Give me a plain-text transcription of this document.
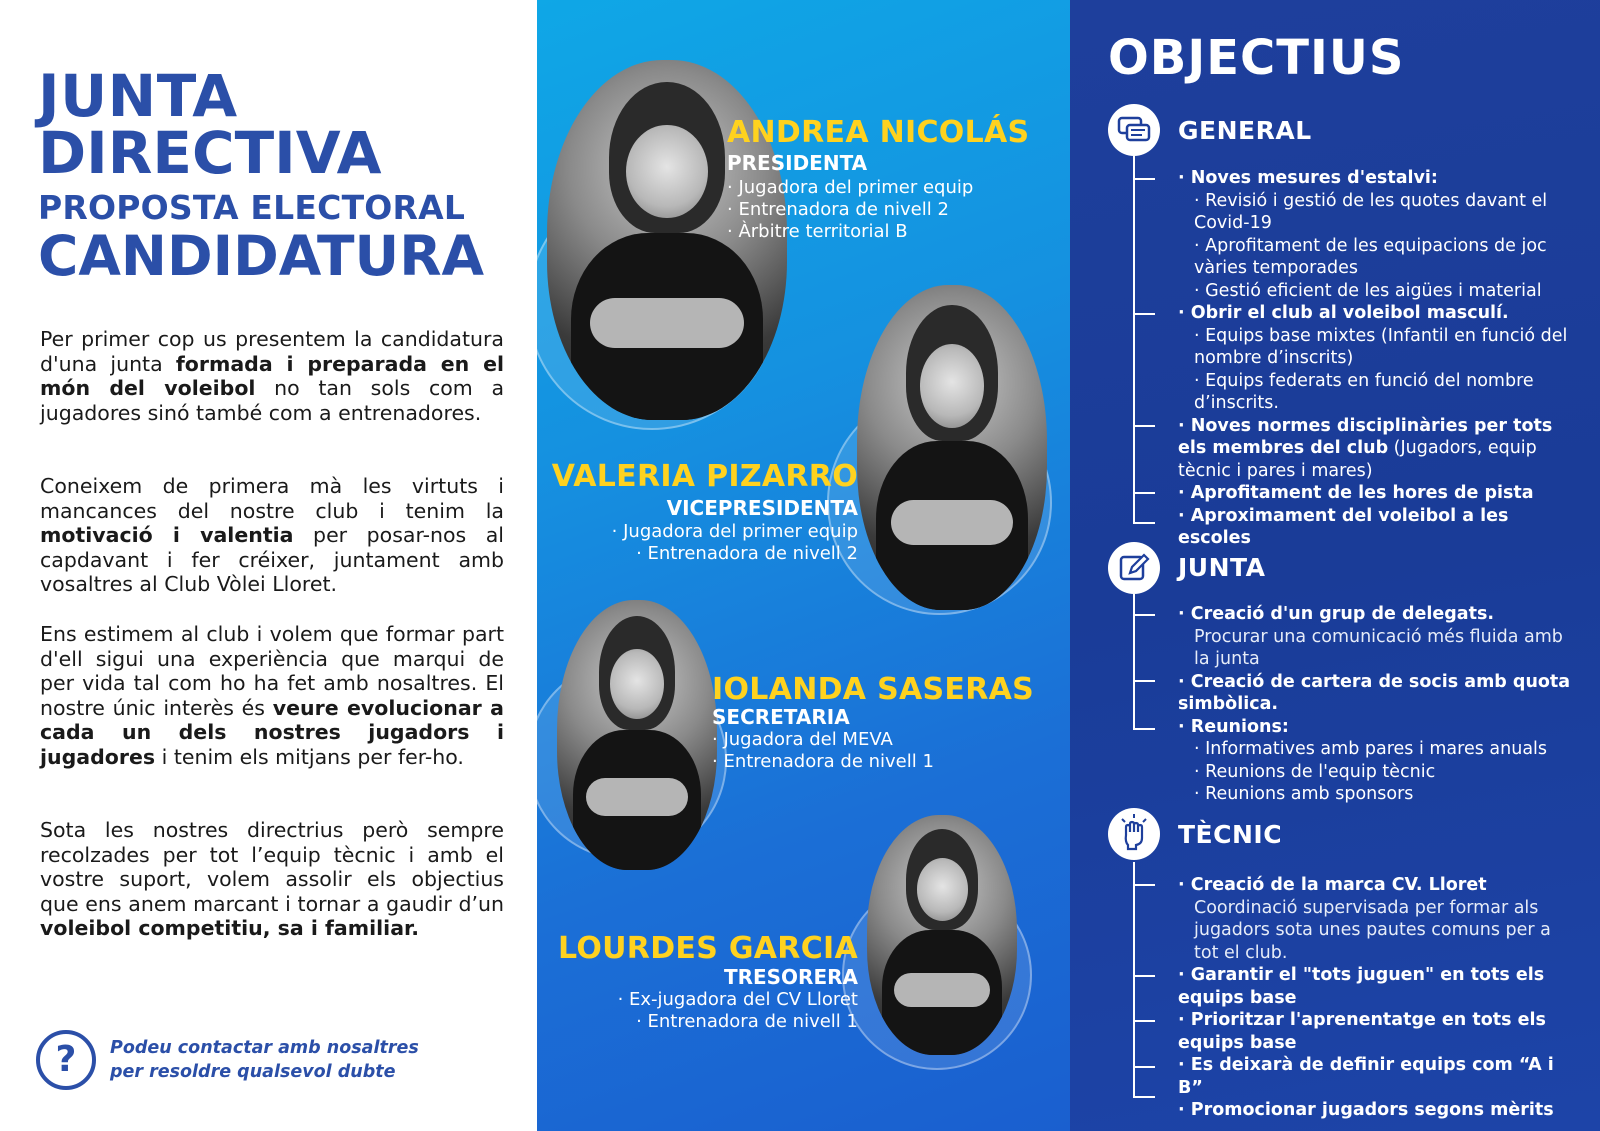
JUNTA
DIRECTIVA
PROPOSTA ELECTORAL
CANDIDATURA

Per primer cop us presentem la candidatura d'una junta formada i preparada en el món del voleibol no tan sols com a jugadores sinó també com a entrenadores.

Coneixem de primera mà les virtuts i mancances del nostre club i tenim la motivació i valentia per posar-nos al capdavant i fer créixer, juntament amb vosaltres al Club Vòlei Lloret.

Ens estimem al club i volem que formar part d'ell sigui una experiència que marqui de per vida tal com ho ha fet amb nosaltres. El nostre únic interès és veure evolucionar a cada un dels nostres jugadors i jugadores i tenim els mitjans per fer-ho.

Sota les nostres directrius però sempre recolzades per tot l’equip tècnic i amb el vostre suport, volem assolir els objectius que ens anem marcant i tornar a gaudir d’un voleibol competitiu, sa i familiar.

?	Podeu contactar amb nosaltres
per resoldre qualsevol dubte
ANDREA NICOLÁS
PRESIDENTA
· Jugadora del primer equip
· Entrenadora de nivell 2
· Àrbitre territorial B
VALERIA PIZARRO
VICEPRESIDENTA
· Jugadora del primer equip
· Entrenadora de nivell 2
IOLANDA SASERAS
SECRETARIA
· Jugadora del MEVA
· Entrenadora de nivell 1
LOURDES GARCIA
TRESORERA
· Ex-jugadora del CV Lloret
· Entrenadora de nivell 1
OBJECTIUS
GENERAL
· Noves mesures d'estalvi:
· Revisió i gestió de les quotes davant el Covid-19
· Aprofitament de les equipacions de joc vàries temporades
· Gestió eficient de les aigües i material
· Obrir el club al voleibol masculí.
· Equips base mixtes (Infantil en funció del nombre d’inscrits)
· Equips federats en funció del nombre d’inscrits.
· Noves normes disciplinàries per tots els membres del club (Jugadors, equip tècnic i pares i mares)
· Aprofitament de les hores de pista
· Aproximament del voleibol a les escoles
JUNTA
· Creació d'un grup de delegats.
Procurar una comunicació més fluida amb la junta
· Creació de cartera de socis amb quota simbòlica.
· Reunions:
· Informatives amb pares i mares anuals
· Reunions de l'equip tècnic
· Reunions amb sponsors
TÈCNIC
· Creació de la marca CV. Lloret
Coordinació supervisada per formar als jugadors sota unes pautes comuns per a tot el club.
· Garantir el "tots juguen" en tots els equips base
· Prioritzar l'aprenentatge en tots els equips base
· Es deixarà de definir equips com “A i B”
· Promocionar jugadors segons mèrits
